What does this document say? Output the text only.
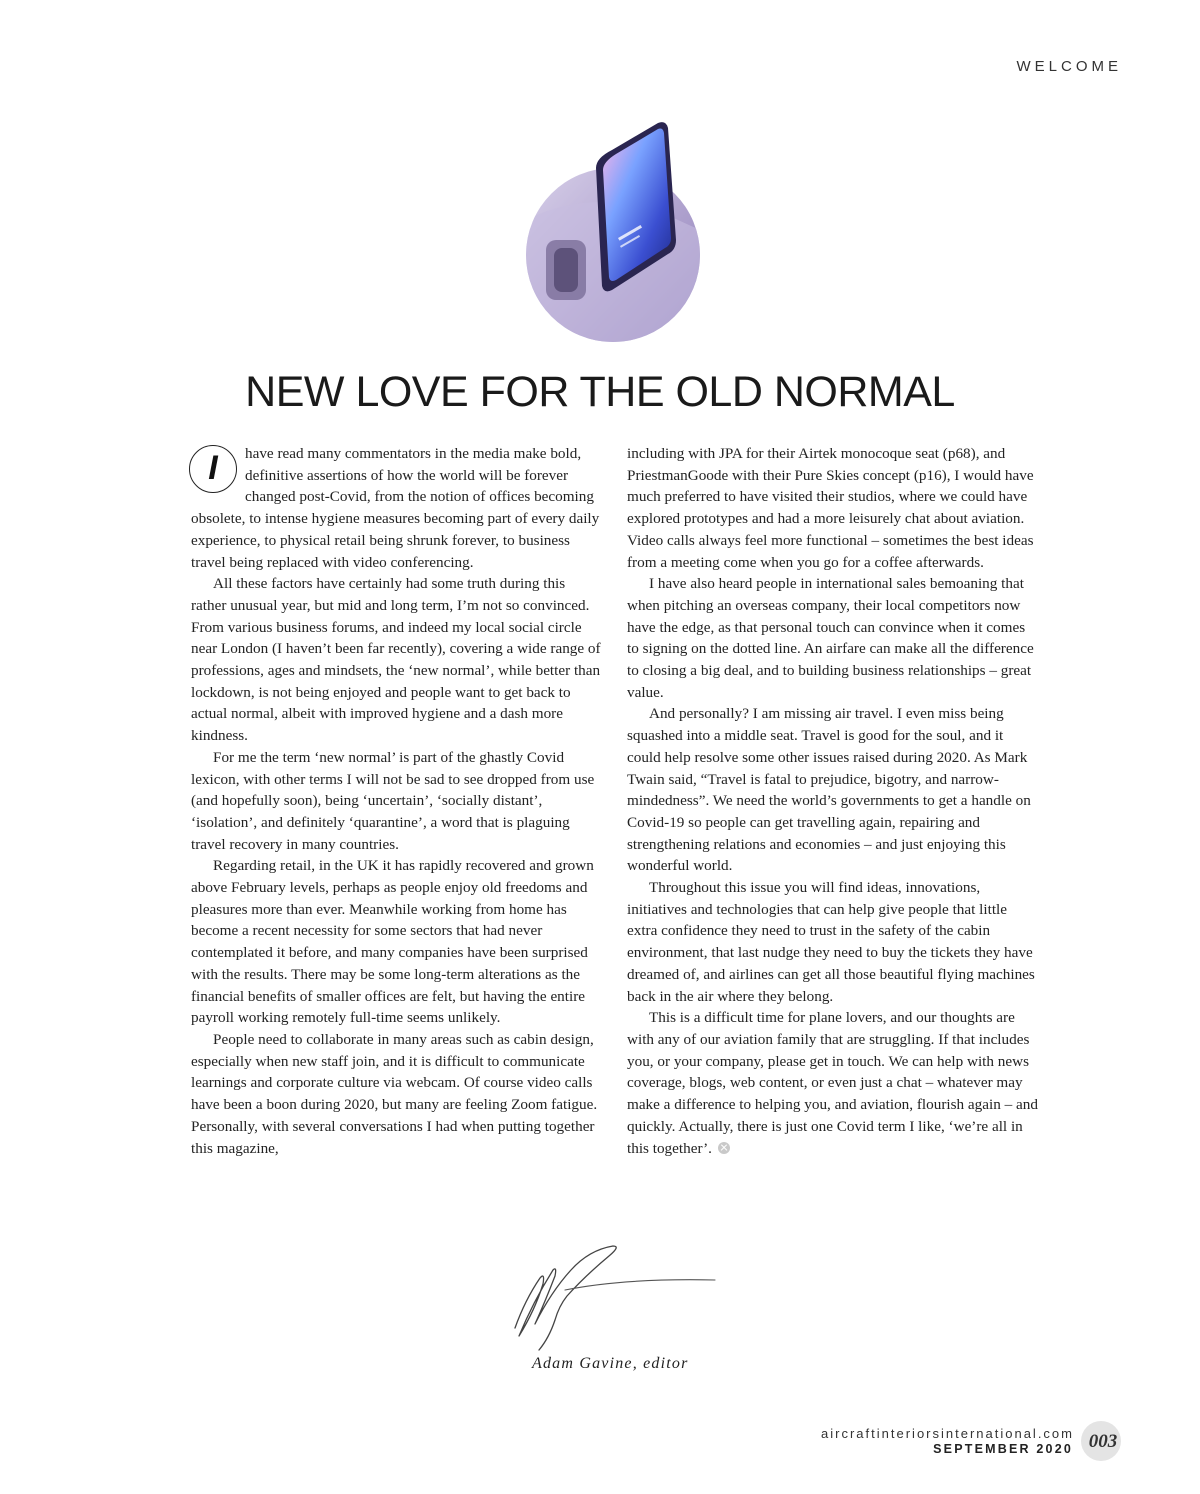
WELCOME
NEW LOVE FOR THE OLD NORMAL

I	have read many commentators in the media make bold, definitive assertions of how the world will be forever changed post-Covid, from the notion of offices becoming obsolete, to intense hygiene measures becoming part of every daily experience, to physical retail being shrunk forever, to business travel being replaced with video conferencing.

All these factors have certainly had some truth during this rather unusual year, but mid and long term, I’m not so convinced. From various business forums, and indeed my local social circle near London (I haven’t been far recently), covering a wide range of professions, ages and mindsets, the ‘new normal’, while better than lockdown, is not being enjoyed and people want to get back to actual normal, albeit with improved hygiene and a dash more kindness.

For me the term ‘new normal’ is part of the ghastly Covid lexicon, with other terms I will not be sad to see dropped from use (and hopefully soon), being ‘uncertain’, ‘socially distant’, ‘isolation’, and definitely ‘quarantine’, a word that is plaguing travel recovery in many countries.

Regarding retail, in the UK it has rapidly recovered and grown above February levels, perhaps as people enjoy old freedoms and pleasures more than ever. Meanwhile working from home has become a recent necessity for some sectors that had never contemplated it before, and many companies have been surprised with the results. There may be some long-term alterations as the financial benefits of smaller offices are felt, but having the entire payroll working remotely full-time seems unlikely.

People need to collaborate in many areas such as cabin design, especially when new staff join, and it is difficult to communicate learnings and corporate culture via webcam. Of course video calls have been a boon during 2020, but many are feeling Zoom fatigue. Personally, with several conversations I had when putting together this magazine,

including with JPA for their Airtek monocoque seat (p68), and PriestmanGoode with their Pure Skies concept (p16), I would have much preferred to have visited their studios, where we could have explored prototypes and had a more leisurely chat about aviation. Video calls always feel more functional – sometimes the best ideas from a meeting come when you go for a coffee afterwards.

I have also heard people in international sales bemoaning that when pitching an overseas company, their local competitors now have the edge, as that personal touch can convince when it comes to signing on the dotted line. An airfare can make all the difference to closing a big deal, and to building business relationships – great value.

And personally? I am missing air travel. I even miss being squashed into a middle seat. Travel is good for the soul, and it could help resolve some other issues raised during 2020. As Mark Twain said, “Travel is fatal to prejudice, bigotry, and narrow-mindedness”. We need the world’s governments to get a handle on Covid-19 so people can get travelling again, repairing and strengthening relations and economies – and just enjoying this wonderful world.

Throughout this issue you will find ideas, innovations, initiatives and technologies that can help give people that little extra confidence they need to trust in the safety of the cabin environment, that last nudge they need to buy the tickets they have dreamed of, and airlines can get all those beautiful flying machines back in the air where they belong.

This is a difficult time for plane lovers, and our thoughts are with any of our aviation family that are struggling. If that includes you, or your company, please get in touch. We can help with news coverage, blogs, web content, or even just a chat – whatever may make a difference to helping you, and aviation, flourish again – and quickly. Actually, there is just one Covid term I like, ‘we’re all in this together’.

Adam Gavine, editor
aircraftinteriorsinternational.com
SEPTEMBER 2020 003
